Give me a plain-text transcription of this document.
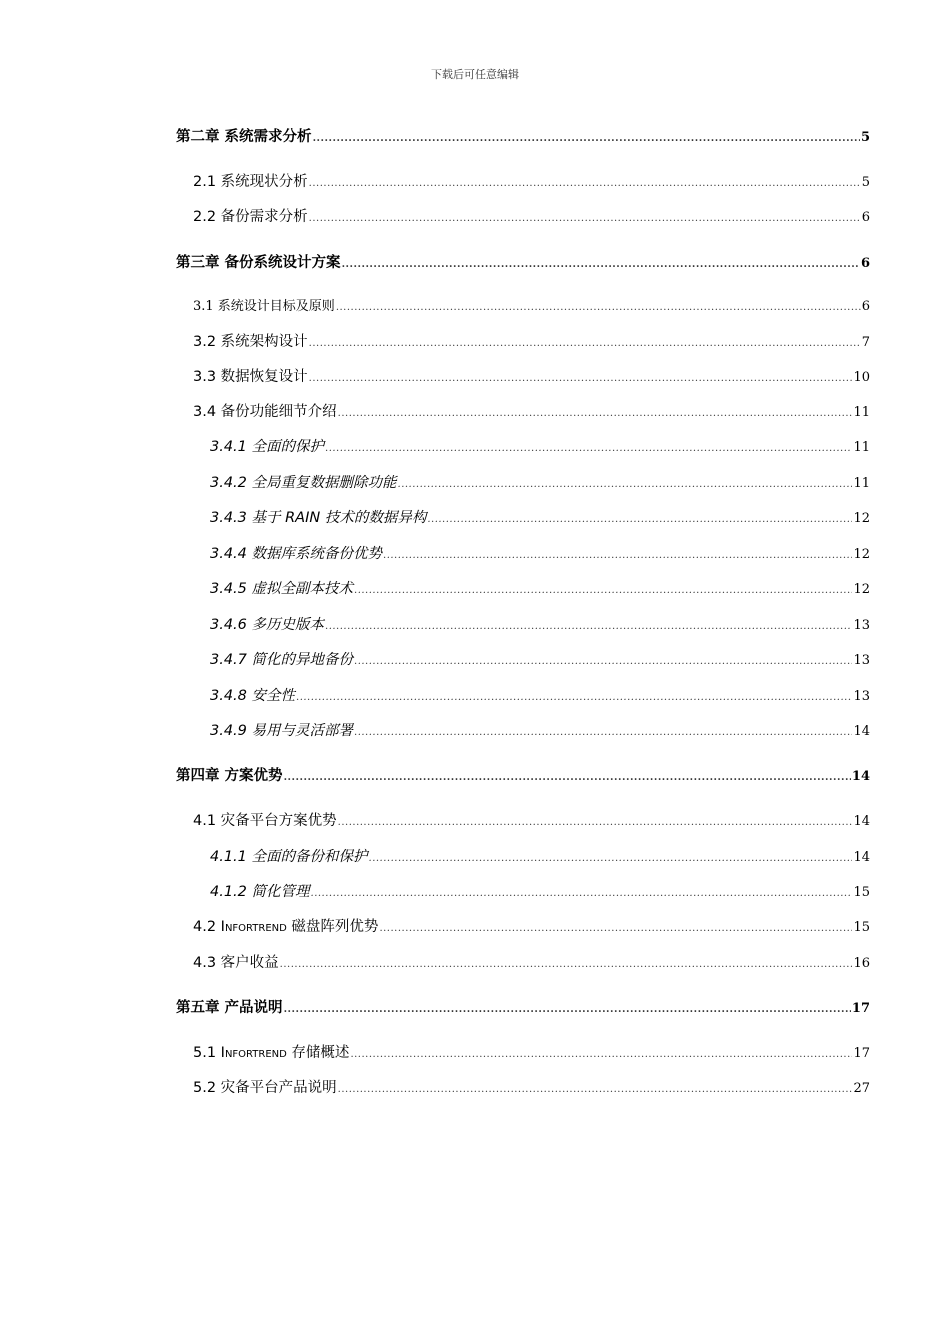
下载后可任意编辑
第二章 系统需求分析 .....	5
2.1 系统现状分析 .....	5
2.2 备份需求分析 .....	6
第三章 备份系统设计方案 .....	6
3.1 系统设计目标及原则 .....	6
3.2 系统架构设计 .....	7
3.3 数据恢复设计 .....	10
3.4 备份功能细节介绍 .....	11
3.4.1 全面的保护 .....	11
3.4.2 全局重复数据删除功能 .....	11
3.4.3 基于 RAIN 技术的数据异构 .....	12
3.4.4 数据库系统备份优势 .....	12
3.4.5 虚拟全副本技术 .....	12
3.4.6 多历史版本 .....	13
3.4.7 简化的异地备份 .....	13
3.4.8 安全性 .....	13
3.4.9 易用与灵活部署 .....	14
第四章 方案优势 .....	14
4.1 灾备平台方案优势 .....	14
4.1.1 全面的备份和保护 .....	14
4.1.2 简化管理 .....	15
4.2 Infortrend 磁盘阵列优势 .....	15
4.3 客户收益 .....	16
第五章 产品说明 .....	17
5.1 Infortrend 存储概述 .....	17
5.2 灾备平台产品说明 .....	27
